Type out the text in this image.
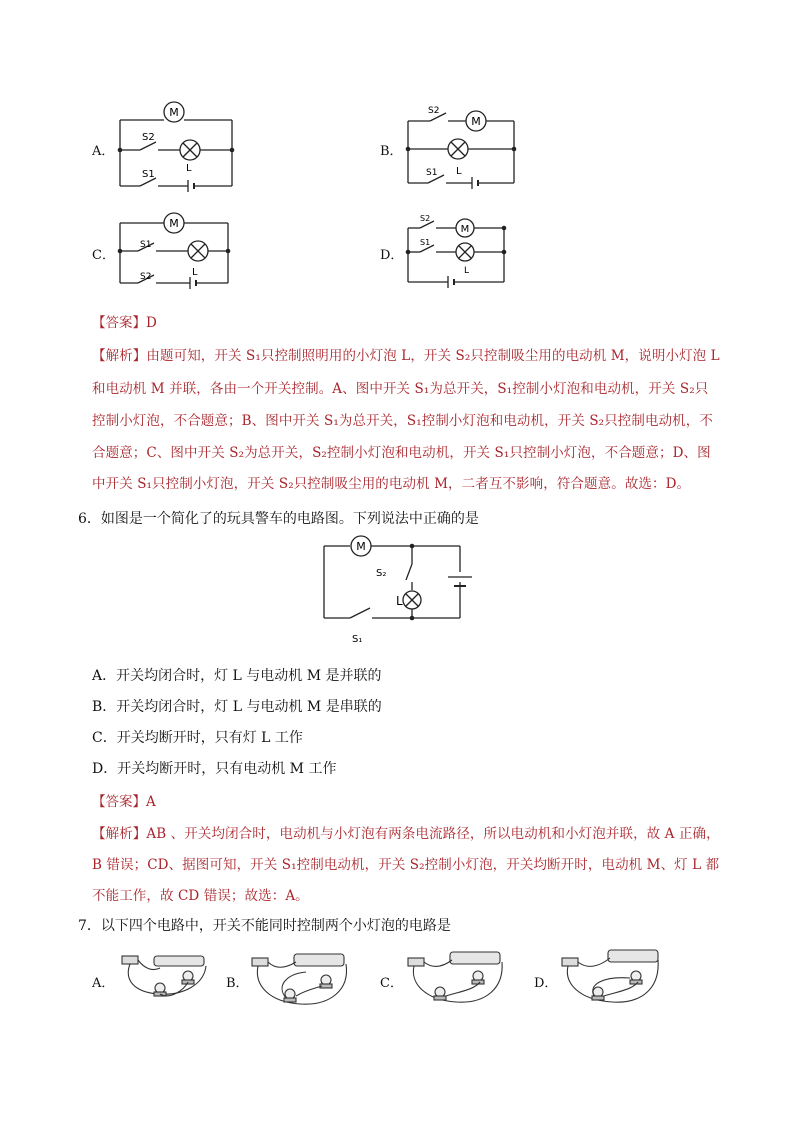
A．
M
L
S2
S1
B．
M
L
S2
S1
C．
M
L
S1
S2
D．
M
L
S2
S1
【答案】D
【解析】由题可知，开关 S₁只控制照明用的小灯泡 L，开关 S₂只控制吸尘用的电动机 M，说明小灯泡 L
和电动机 M 并联，各由一个开关控制。A、图中开关 S₁为总开关，S₁控制小灯泡和电动机，开关 S₂只
控制小灯泡，不合题意；B、图中开关 S₁为总开关，S₁控制小灯泡和电动机，开关 S₂只控制电动机，不
合题意；C、图中开关 S₂为总开关，S₂控制小灯泡和电动机，开关 S₁只控制小灯泡，不合题意；D、图
中开关 S₁只控制小灯泡，开关 S₂只控制吸尘用的电动机 M，二者互不影响，符合题意。故选：D。
6．如图是一个简化了的玩具警车的电路图。下列说法中正确的是
M
L
S₂
S₁
A．开关均闭合时，灯 L 与电动机 M 是并联的
B．开关均闭合时，灯 L 与电动机 M 是串联的
C．开关均断开时，只有灯 L 工作
D．开关均断开时，只有电动机 M 工作
【答案】A
【解析】AB 、开关均闭合时，电动机与小灯泡有两条电流路径，所以电动机和小灯泡并联，故 A 正确，
B 错误；CD、据图可知，开关 S₁控制电动机，开关 S₂控制小灯泡，开关均断开时，电动机 M、灯 L 都
不能工作，故 CD 错误；故选：A。
7．以下四个电路中，开关不能同时控制两个小灯泡的电路是
A．	B．	C．	D．
